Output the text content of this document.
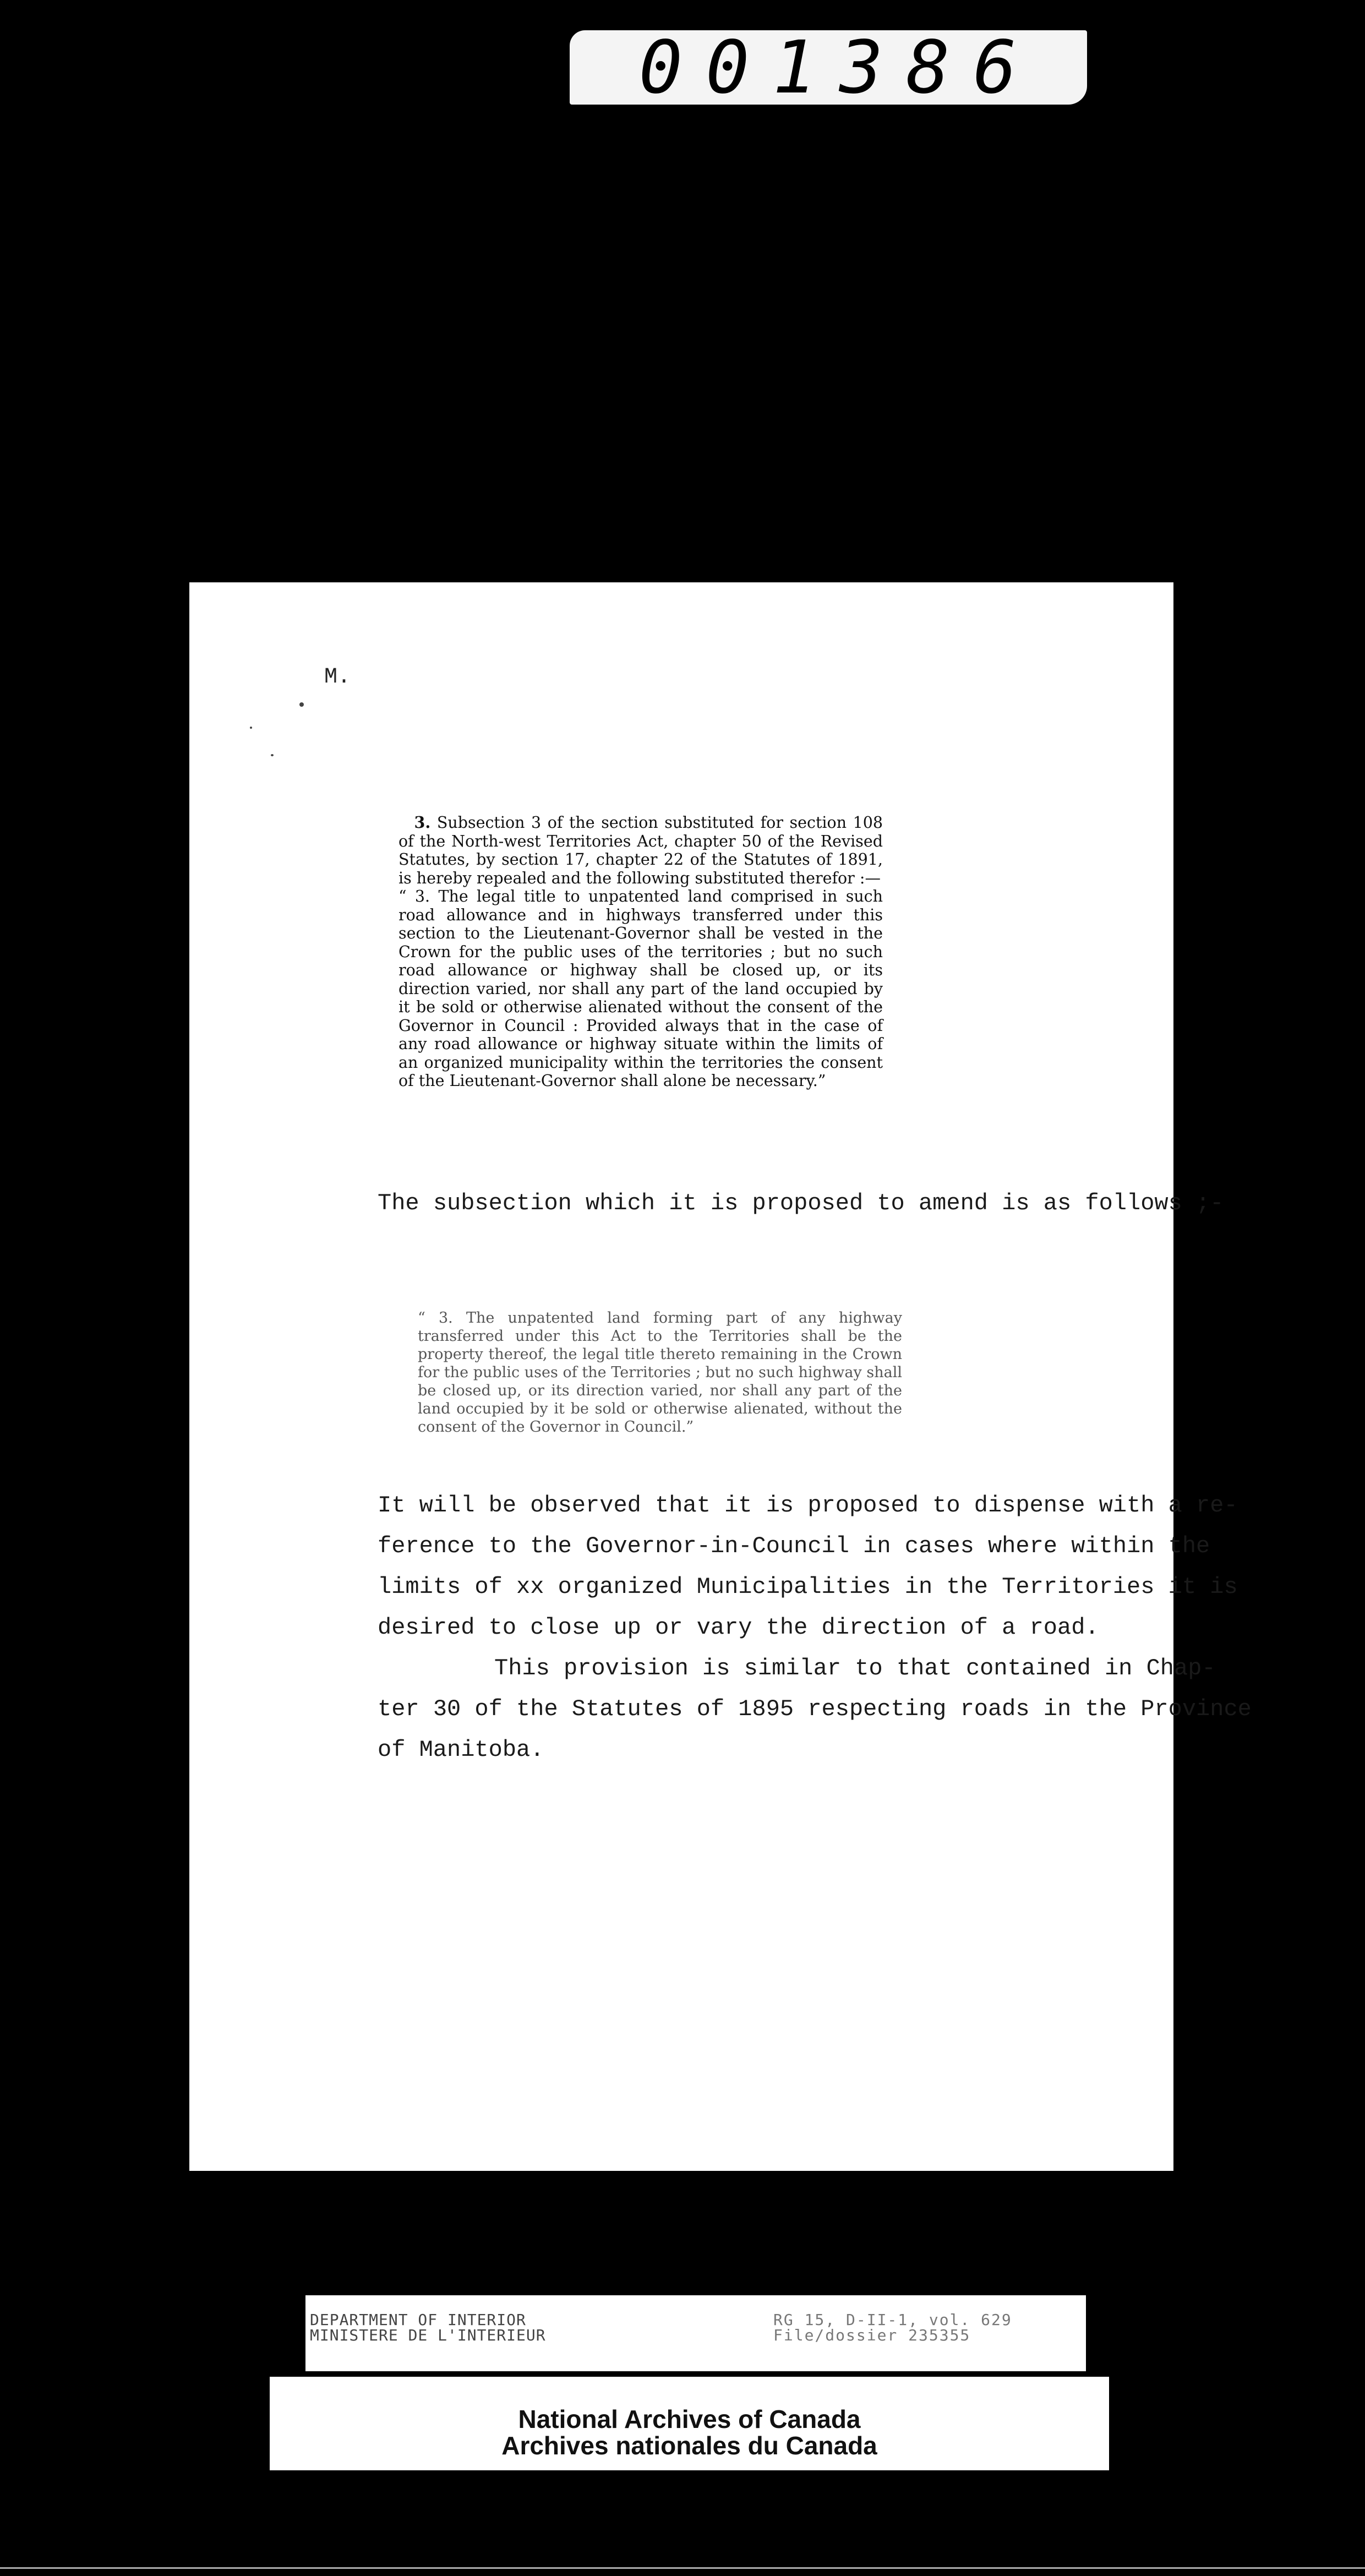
001386
M.

 3. Subsection 3 of the section substituted for section 108 of the North-west Territories Act, chapter 50 of the Revised Statutes, by section 17, chapter 22 of the Statutes of 1891, is hereby repealed and the following substituted therefor :—

“ 3. The legal title to unpatented land comprised in such road allowance and in highways transferred under this section to the Lieutenant-Governor shall be vested in the Crown for the public uses of the territories ; but no such road allowance or highway shall be closed up, or its direction varied, nor shall any part of the land occupied by it be sold or otherwise alienated without the consent of the Governor in Council : Provided always that in the case of any road allowance or highway situate within the limits of an organized municipality within the territories the consent of the Lieutenant-Governor shall alone be necessary.”

The subsection which it is proposed to amend is as follows ;-

“ 3. The unpatented land forming part of any highway transferred under this Act to the Territories shall be the property thereof, the legal title thereto remaining in the Crown for the public uses of the Territories ; but no such highway shall be closed up, or its direction varied, nor shall any part of the land occupied by it be sold or otherwise alienated, without the consent of the Governor in Council.”

It will be observed that it is proposed to dispense with a re-
ference to the Governor-in-Council in cases where within the
limits of xx organized Municipalities in the Territories it is
desired to close up or vary the direction of a road.
This provision is similar to that contained in Chap-
ter 30 of the Statutes of 1895 respecting roads in the Province
of Manitoba.
DEPARTMENT OF INTERIOR
MINISTERE DE L'INTERIEUR
RG 15, D-II-1, vol. 629
File/dossier 235355
National Archives of Canada
Archives nationales du Canada
